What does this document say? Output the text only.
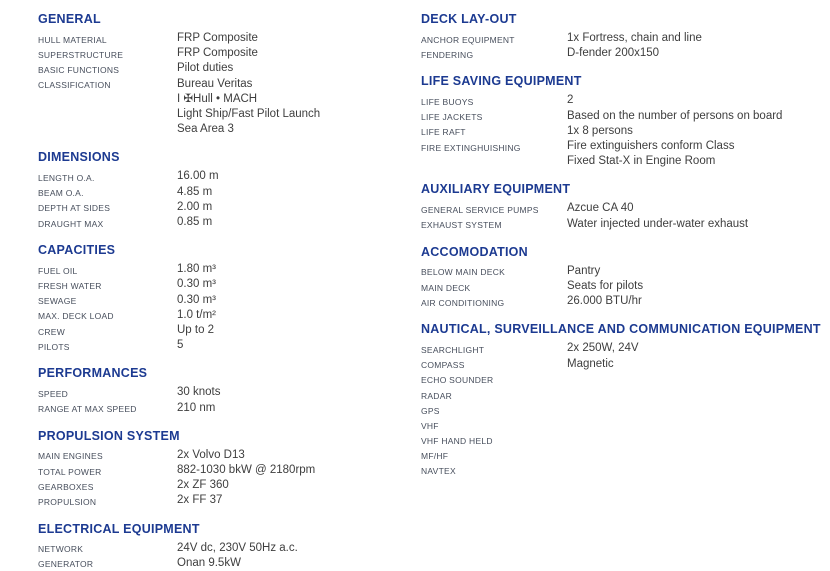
GENERAL
HULL MATERIAL	FRP Composite
SUPERSTRUCTURE	FRP Composite
BASIC FUNCTIONS	Pilot duties
CLASSIFICATION	Bureau Veritas
I ✠Hull • MACH
Light Ship/Fast Pilot Launch
Sea Area 3
DIMENSIONS
LENGTH O.A.	16.00 m
BEAM O.A.	4.85 m
DEPTH AT SIDES	2.00 m
DRAUGHT MAX	0.85 m
CAPACITIES
FUEL OIL	1.80 m³
FRESH WATER	0.30 m³
SEWAGE	0.30 m³
MAX. DECK LOAD	1.0 t/m²
CREW	Up to 2
PILOTS	5
PERFORMANCES
SPEED	30 knots
RANGE AT MAX SPEED	210 nm
PROPULSION SYSTEM
MAIN ENGINES	2x Volvo D13
TOTAL POWER	882-1030 bkW @ 2180rpm
GEARBOXES	2x ZF 360
PROPULSION	2x FF 37
ELECTRICAL EQUIPMENT
NETWORK	24V dc, 230V 50Hz a.c.
GENERATOR	Onan 9.5kW
DECK LAY-OUT
ANCHOR EQUIPMENT	1x Fortress, chain and line
FENDERING	D-fender 200x150
LIFE SAVING EQUIPMENT
LIFE BUOYS	2
LIFE JACKETS	Based on the number of persons on board
LIFE RAFT	1x 8 persons
FIRE EXTINGHUISHING	Fire extinguishers conform Class
Fixed Stat-X in Engine Room
AUXILIARY EQUIPMENT
GENERAL SERVICE PUMPS	Azcue CA 40
EXHAUST SYSTEM	Water injected under-water exhaust
ACCOMODATION
BELOW MAIN DECK	Pantry
MAIN DECK	Seats for pilots
AIR CONDITIONING	26.000 BTU/hr
NAUTICAL, SURVEILLANCE AND COMMUNICATION EQUIPMENT
SEARCHLIGHT	2x 250W, 24V
COMPASS	Magnetic
ECHO SOUNDER
RADAR
GPS
VHF
VHF HAND HELD
MF/HF
NAVTEX
